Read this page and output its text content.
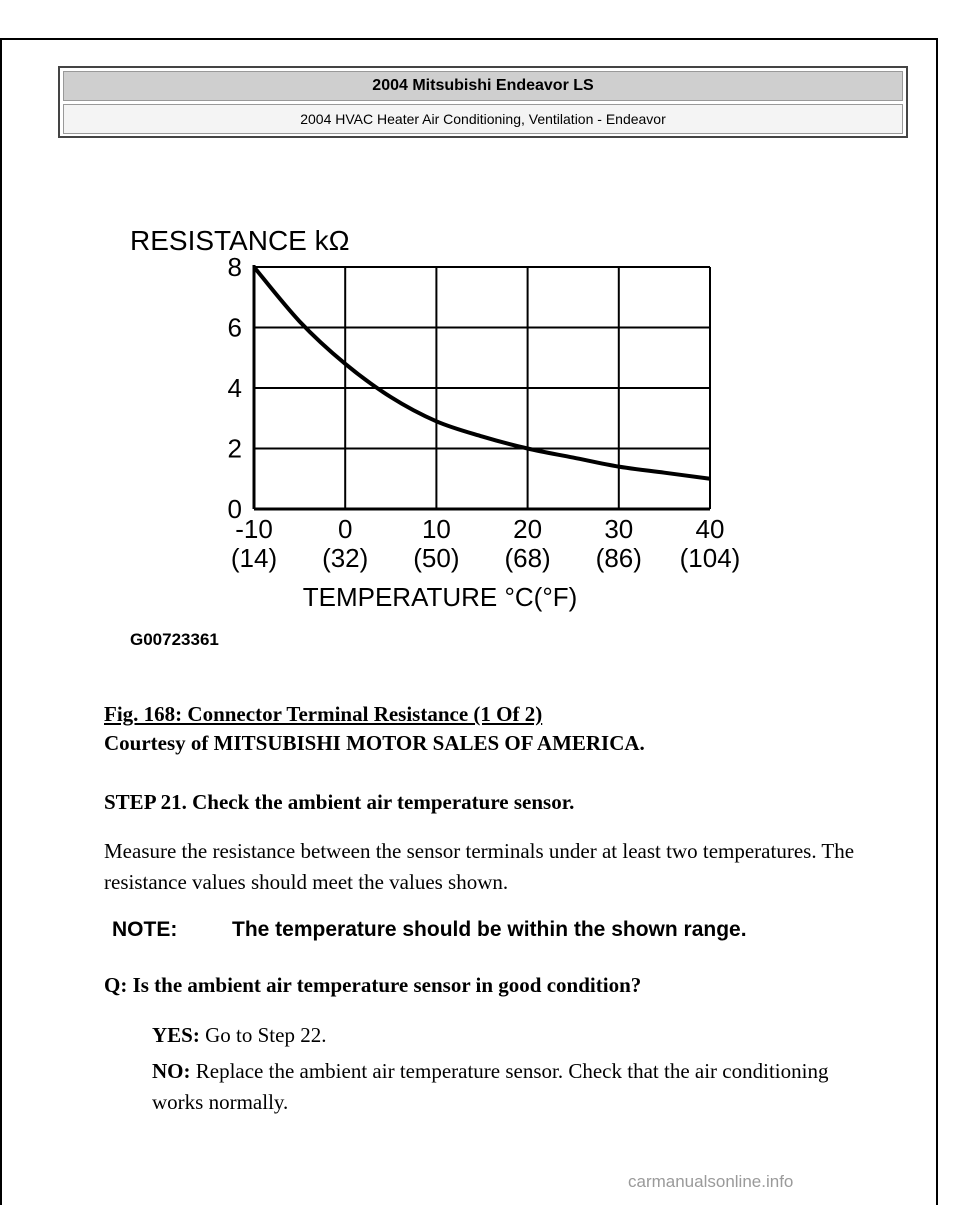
2004 Mitsubishi Endeavor LS
2004 HVAC Heater Air Conditioning, Ventilation - Endeavor
0
2
4
6
8
-10
(14)
0
(32)
10
(50)
20
(68)
30
(86)
40
(104)
RESISTANCE kΩ
TEMPERATURE °C(°F)
G00723361

Fig. 168: Connector Terminal Resistance (1 Of 2)

Courtesy of MITSUBISHI MOTOR SALES OF AMERICA.

STEP 21. Check the ambient air temperature sensor.

Measure the resistance between the sensor terminals under at least two temperatures. The resistance values should meet the values shown.

NOTE:	The temperature should be within the shown range.

Q: Is the ambient air temperature sensor in good condition?

YES: Go to Step 22.

NO: Replace the ambient air temperature sensor. Check that the air conditioning works normally.

carmanualsonline.info
